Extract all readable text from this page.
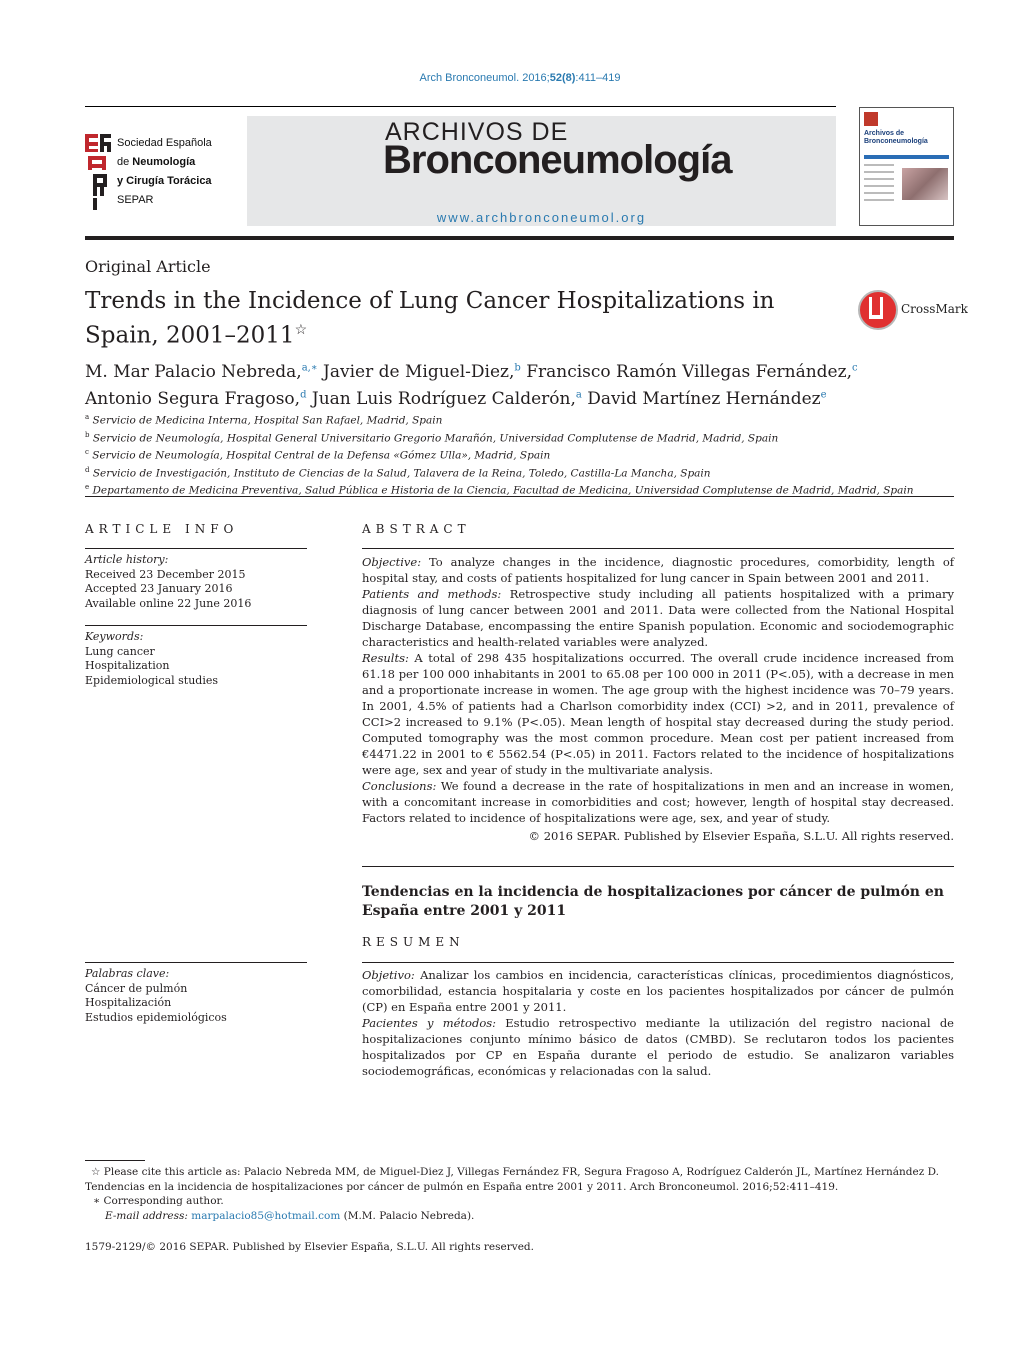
Arch Bronconeumol. 2016;52(8):411–419
Sociedad Española
de Neumología
y Cirugía Torácica
SEPAR
ARCHIVOS DE
Bronconeumología
www.archbronconeumol.org
Archivos de
Bronconeumología
Original Article
Trends in the Incidence of Lung Cancer Hospitalizations in Spain, 2001–2011☆
CrossMark
M. Mar Palacio Nebreda,$^{a,∗}$ Javier de Miguel-Diez,$^b$ Francisco Ramón Villegas Fernández,$^c$
Antonio Segura Fragoso,$^d$ Juan Luis Rodríguez Calderón,$^a$ David Martínez Hernández$^e$
$^a$ Servicio de Medicina Interna, Hospital San Rafael, Madrid, Spain
$^b$ Servicio de Neumología, Hospital General Universitario Gregorio Marañón, Universidad Complutense de Madrid, Madrid, Spain
$^c$ Servicio de Neumología, Hospital Central de la Defensa «Gómez Ulla», Madrid, Spain
$^d$ Servicio de Investigación, Instituto de Ciencias de la Salud, Talavera de la Reina, Toledo, Castilla-La Mancha, Spain
$^e$ Departamento de Medicina Preventiva, Salud Pública e Historia de la Ciencia, Facultad de Medicina, Universidad Complutense de Madrid, Madrid, Spain
ARTICLE INFO
Article history:
Received 23 December 2015
Accepted 23 January 2016
Available online 22 June 2016
Keywords:
Lung cancer
Hospitalization
Epidemiological studies
Palabras clave:
Cáncer de pulmón
Hospitalización
Estudios epidemiológicos
ABSTRACT
Objective: To analyze changes in the incidence, diagnostic procedures, comorbidity, length of hospital stay, and costs of patients hospitalized for lung cancer in Spain between 2001 and 2011.
Patients and methods: Retrospective study including all patients hospitalized with a primary diagnosis of lung cancer between 2001 and 2011. Data were collected from the National Hospital Discharge Database, encompassing the entire Spanish population. Economic and sociodemographic characteristics and health-related variables were analyzed.
Results: A total of 298 435 hospitalizations occurred. The overall crude incidence increased from 61.18 per 100 000 inhabitants in 2001 to 65.08 per 100 000 in 2011 (P<.05), with a decrease in men and a proportionate increase in women. The age group with the highest incidence was 70–79 years. In 2001, 4.5% of patients had a Charlson comorbidity index (CCI) >2, and in 2011, prevalence of CCI>2 increased to 9.1% (P<.05). Mean length of hospital stay decreased during the study period. Computed tomography was the most common procedure. Mean cost per patient increased from €4471.22 in 2001 to € 5562.54 (P<.05) in 2011. Factors related to the incidence of hospitalizations were age, sex and year of study in the multivariate analysis.
Conclusions: We found a decrease in the rate of hospitalizations in men and an increase in women, with a concomitant increase in comorbidities and cost; however, length of hospital stay decreased. Factors related to incidence of hospitalizations were age, sex, and year of study.
© 2016 SEPAR. Published by Elsevier España, S.L.U. All rights reserved.
Tendencias en la incidencia de hospitalizaciones por cáncer de pulmón en España entre 2001 y 2011
RESUMEN
Objetivo: Analizar los cambios en incidencia, características clínicas, procedimientos diagnósticos, comorbilidad, estancia hospitalaria y coste en los pacientes hospitalizados por cáncer de pulmón (CP) en España entre 2001 y 2011.
Pacientes y métodos: Estudio retrospectivo mediante la utilización del registro nacional de hospitalizaciones conjunto mínimo básico de datos (CMBD). Se reclutaron todos los pacientes hospitalizados por CP en España durante el periodo de estudio. Se analizaron variables sociodemográficas, económicas y relacionadas con la salud.
☆ Please cite this article as: Palacio Nebreda MM, de Miguel-Diez J, Villegas Fernández FR, Segura Fragoso A, Rodríguez Calderón JL, Martínez Hernández D. Tendencias en la incidencia de hospitalizaciones por cáncer de pulmón en España entre 2001 y 2011. Arch Bronconeumol. 2016;52:411–419.
∗ Corresponding author.
E-mail address: marpalacio85@hotmail.com (M.M. Palacio Nebreda).
1579-2129/© 2016 SEPAR. Published by Elsevier España, S.L.U. All rights reserved.
